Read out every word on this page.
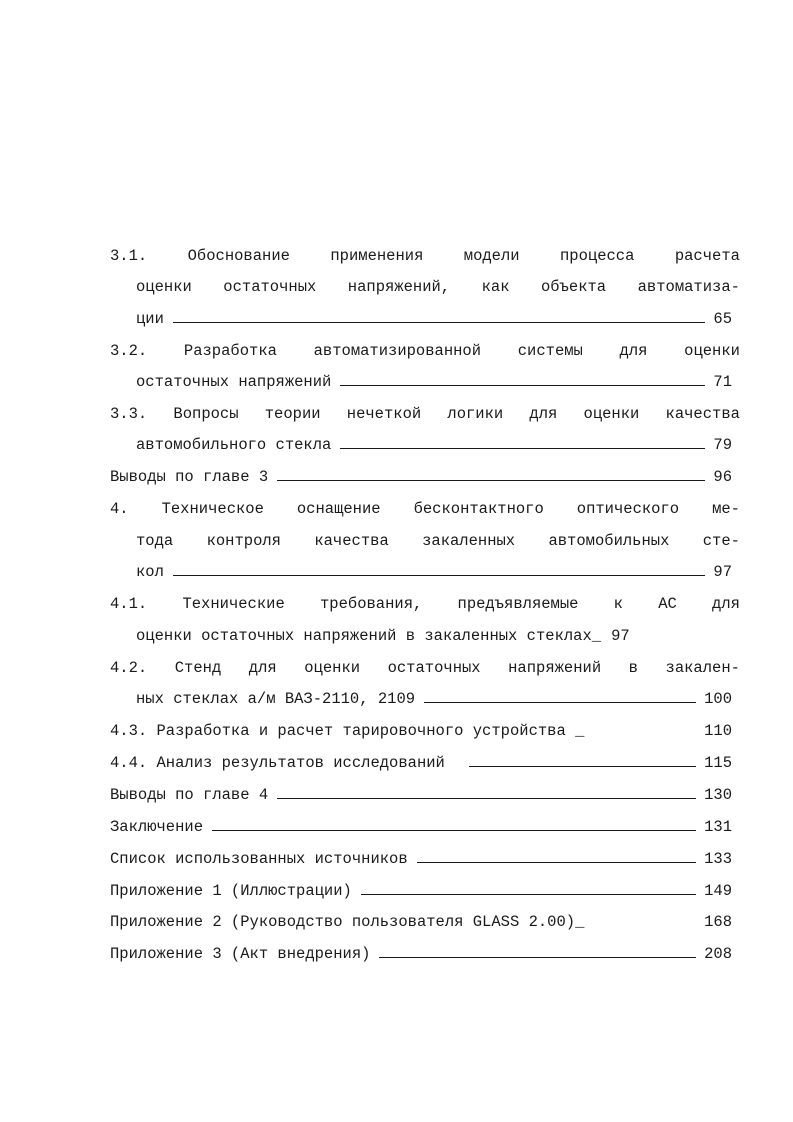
3.1.	Обоснование	применения	модели	процесса	расчета
оценки остаточных напряжений, как объекта автоматиза-
ции	65
3.2. Разработка автоматизированной системы для оценки
остаточных напряжений	71
3.3. Вопросы теории нечеткой логики для оценки качества
автомобильного стекла	79
Выводы по главе 3	96
4. Техническое оснащение бесконтактного оптического ме-
тода контроля качества закаленных автомобильных сте-
кол	97
4.1. Технические требования, предъявляемые к АС для
оценки остаточных напряжений в закаленных стеклах_ 97
4.2. Стенд для оценки остаточных напряжений в закален-
ных стеклах а/м ВАЗ-2110, 2109	100
4.3. Разработка и расчет тарировочного устройства _	110
4.4. Анализ результатов исследований	115
Выводы по главе 4	130
Заключение	131
Список использованных источников	133
Приложение 1 (Иллюстрации)	149
Приложение 2 (Руководство пользователя GLASS 2.00)_	168
Приложение 3 (Акт внедрения)	208
